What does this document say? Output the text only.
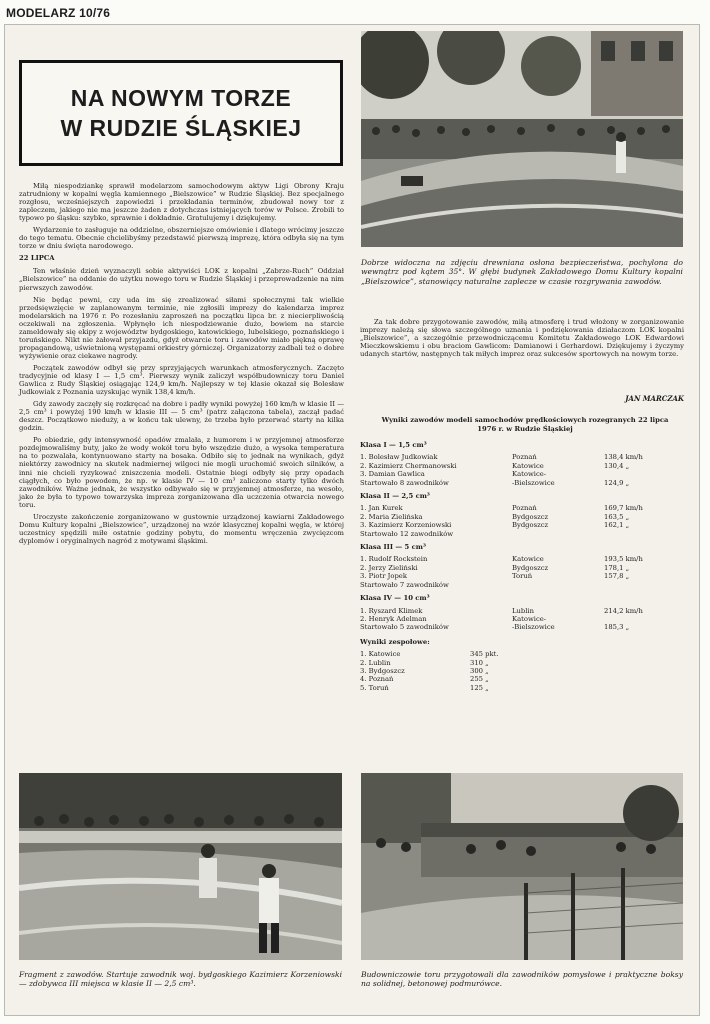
MODELARZ 10/76
NA NOWYM TORZE
W RUDZIE ŚLĄSKIEJ
Dobrze widoczna na zdjęciu drewniana osłona bezpieczeństwa, pochylona do wewnątrz pod kątem 35°. W głębi budynek Zakładowego Domu Kultury kopalni „Bielszowice”, stanowiący naturalne zaplecze w czasie rozgrywania zawodów.

Miłą niespodziankę sprawił modelarzom samochodowym aktyw Ligi Obrony Kraju zatrudniony w kopalni węgla kamiennego „Bielszowice” w Rudzie Śląskiej. Bez specjalnego rozgłosu, wcześniejszych zapowiedzi i przekładania terminów, zbudował nowy tor z zapleczem, jakiego nie ma jeszcze żaden z dotychczas istniejących torów w Polsce. Zrobili to typowo po śląsku: szybko, sprawnie i dokładnie. Gratulujemy i dziękujemy.

Wydarzenie to zasługuje na oddzielne, obszerniejsze omówienie i dlatego wrócimy jeszcze do tego tematu. Obecnie chcielibyśmy przedstawić pierwszą imprezę, która odbyła się na tym torze w dniu święta narodowego.

22 LIPCA

Ten właśnie dzień wyznaczyli sobie aktywiści LOK z kopalni „Zabrze-Ruch” Oddział „Bielszowice” na oddanie do użytku nowego toru w Rudzie Śląskiej i przeprowadzenie na nim pierwszych zawodów.

Nie będąc pewni, czy uda im się zrealizować siłami społecznymi tak wielkie przedsięwzięcie w zaplanowanym terminie, nie zgłosili imprezy do kalendarza imprez modelarskich na 1976 r. Po rozesłaniu zaproszeń na początku lipca br. z niecierpliwością oczekiwali na zgłoszenia. Wpłynęło ich niespodziewanie dużo, bowiem na starcie zameldowały się ekipy z województw bydgoskiego, katowickiego, lubelskiego, poznańskiego i toruńskiego. Nikt nie żałował przyjazdu, gdyż otwarcie toru i zawodów miało piękną oprawę propagandową, uświetnioną występami orkiestry górniczej. Organizatorzy zadbali też o dobre wyżywienie oraz ciekawe nagrody.

Początek zawodów odbył się przy sprzyjających warunkach atmosferycznych. Zaczęto tradycyjnie od klasy I — 1,5 cm³. Pierwszy wynik zaliczył współbudowniczy toru Daniel Gawlica z Rudy Śląskiej osiągając 124,9 km/h. Najlepszy w tej klasie okazał się Bolesław Judkowiak z Poznania uzyskując wynik 138,4 km/h.

Gdy zawody zaczęły się rozkręcać na dobre i padły wyniki powyżej 160 km/h w klasie II — 2,5 cm³ i powyżej 190 km/h w klasie III — 5 cm³ (patrz załączona tabela), zaczął padać deszcz. Początkowo nieduży, a w końcu tak ulewny, że trzeba było przerwać starty na kilka godzin.

Po obiedzie, gdy intensywność opadów zmalała, z humorem i w przyjemnej atmosferze pozdejmowaliśmy buty, jako że wody wokół toru było wszędzie dużo, a wysoka temperatura na to pozwalała, kontynuowano starty na bosaka. Odbiło się to jednak na wynikach, gdyż niektórzy zawodnicy na skutek nadmiernej wilgoci nie mogli uruchomić swoich silników, a inni nie chcieli ryzykować zniszczenia modeli. Ostatnie biegi odbyły się przy opadach ciągłych, co było powodem, że np. w klasie IV — 10 cm³ zaliczono starty tylko dwóch zawodników. Ważne jednak, że wszystko odbywało się w przyjemnej atmosferze, na wesoło, jako że była to typowo towarzyska impreza zorganizowana dla uczczenia otwarcia nowego toru.

Uroczyste zakończenie zorganizowano w gustownie urządzonej kawiarni Zakładowego Domu Kultury kopalni „Bielszowice”, urządzonej na wzór klasycznej kopalni węgla, w której uczestnicy spędzili miłe ostatnie godziny pobytu, do momentu wręczenia zwycięzcom dyplomów i oryginalnych nagród z motywami śląskimi.

Za tak dobre przygotowanie zawodów, miłą atmosferę i trud włożony w zorganizowanie imprezy należą się słowa szczególnego uznania i podziękowania działaczom LOK kopalni „Bielszowice”, a szczególnie przewodniczącemu Komitetu Zakładowego LOK Edwardowi Mieczkowskiemu i obu braciom Gawlicom: Damianowi i Gerhardowi. Dziękujemy i życzymy udanych startów, następnych tak miłych imprez oraz sukcesów sportowych na nowym torze.

JAN MARCZAK
Wyniki zawodów modeli samochodów prędkościowych rozegranych 22 lipca 1976 r. w Rudzie Śląskiej
Klasa I — 1,5 cm³
1. Bolesław Judkowiak	Poznań	138,4 km/h
2. Kazimierz Chermanowski	Katowice	130,4 „
3. Damian Gawlica	Katowice-
Startowało 8 zawodników	-Bielszowice	124,9 „
Klasa II — 2,5 cm³
1. Jan Kurek	Poznań	169,7 km/h
2. Maria Zielińska	Bydgoszcz	163,5 „
3. Kazimierz Korzeniowski	Bydgoszcz	162,1 „
Startowało 12 zawodników
Klasa III — 5 cm³
1. Rudolf Rockstein	Katowice	193,5 km/h
2. Jerzy Zieliński	Bydgoszcz	178,1 „
3. Piotr Jopek	Toruń	157,8 „
Startowało 7 zawodników
Klasa IV — 10 cm³
1. Ryszard Klimek	Lublin	214,2 km/h
2. Henryk Adelman	Katowice-
Startowało 5 zawodników	-Bielszowice	185,3 „
Wyniki zespołowe:
1. Katowice	345 pkt.
2. Lublin	310 „
3. Bydgoszcz	300 „
4. Poznań	255 „
5. Toruń	125 „
Fragment z zawodów. Startuje zawodnik woj. bydgoskiego Kazimierz Korzeniowski — zdobywca III miejsca w klasie II — 2,5 cm³.
Budowniczowie toru przygotowali dla zawodników pomysłowe i praktyczne boksy na solidnej, betonowej podmurówce.
